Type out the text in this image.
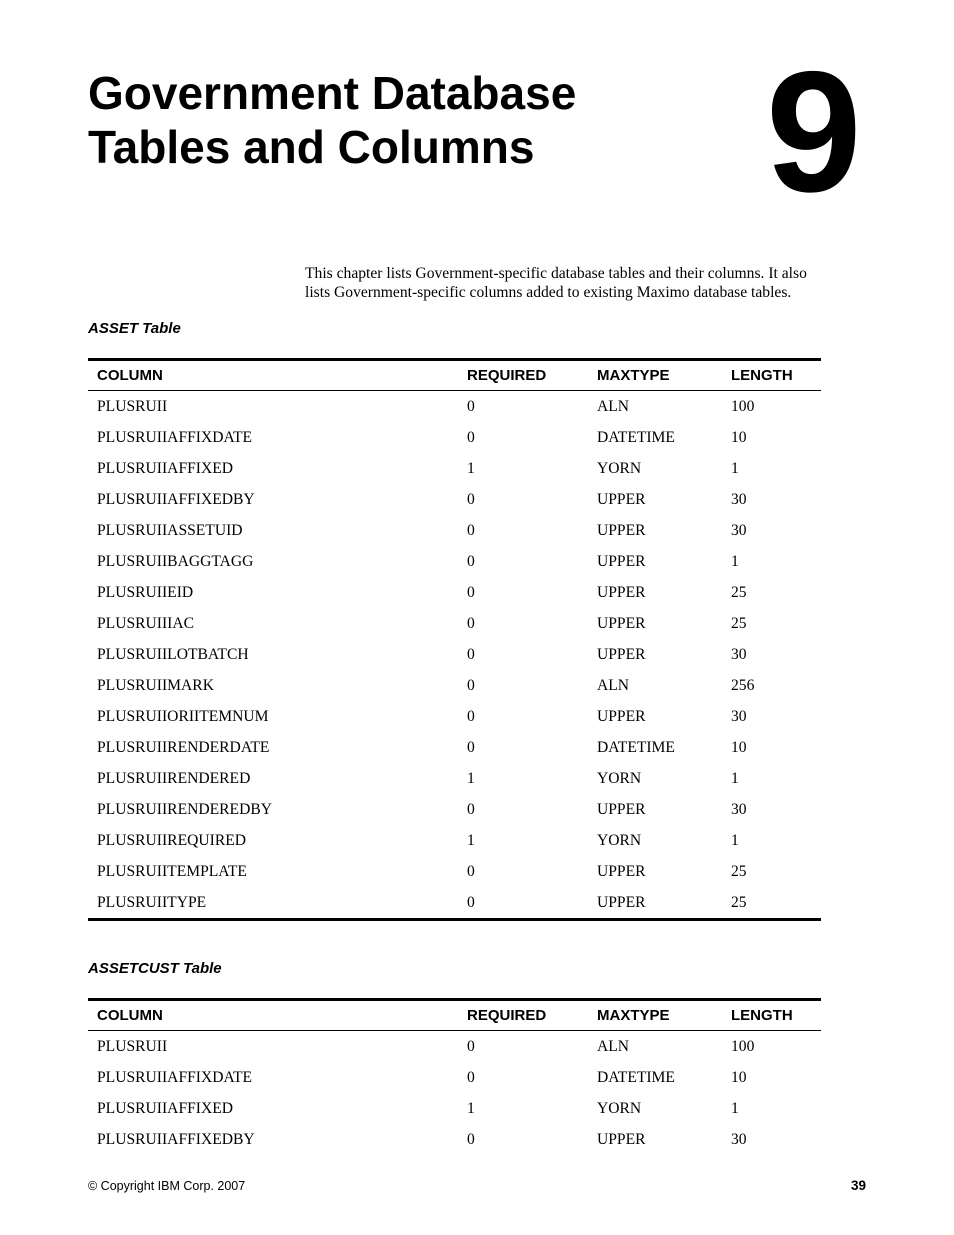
Government Database
Tables and Columns	9

This chapter lists Government-specific database tables and their columns. It also
lists Government-specific columns added to existing Maximo database tables.

ASSET Table
COLUMN	REQUIRED	MAXTYPE	LENGTH
PLUSRUII	0	ALN	100
PLUSRUIIAFFIXDATE	0	DATETIME	10
PLUSRUIIAFFIXED	1	YORN	1
PLUSRUIIAFFIXEDBY	0	UPPER	30
PLUSRUIIASSETUID	0	UPPER	30
PLUSRUIIBAGGTAGG	0	UPPER	1
PLUSRUIIEID	0	UPPER	25
PLUSRUIIIAC	0	UPPER	25
PLUSRUIILOTBATCH	0	UPPER	30
PLUSRUIIMARK	0	ALN	256
PLUSRUIIORIITEMNUM	0	UPPER	30
PLUSRUIIRENDERDATE	0	DATETIME	10
PLUSRUIIRENDERED	1	YORN	1
PLUSRUIIRENDEREDBY	0	UPPER	30
PLUSRUIIREQUIRED	1	YORN	1
PLUSRUIITEMPLATE	0	UPPER	25
PLUSRUIITYPE	0	UPPER	25
ASSETCUST Table
COLUMN	REQUIRED	MAXTYPE	LENGTH
PLUSRUII	0	ALN	100
PLUSRUIIAFFIXDATE	0	DATETIME	10
PLUSRUIIAFFIXED	1	YORN	1
PLUSRUIIAFFIXEDBY	0	UPPER	30
© Copyright IBM Corp. 2007	39
